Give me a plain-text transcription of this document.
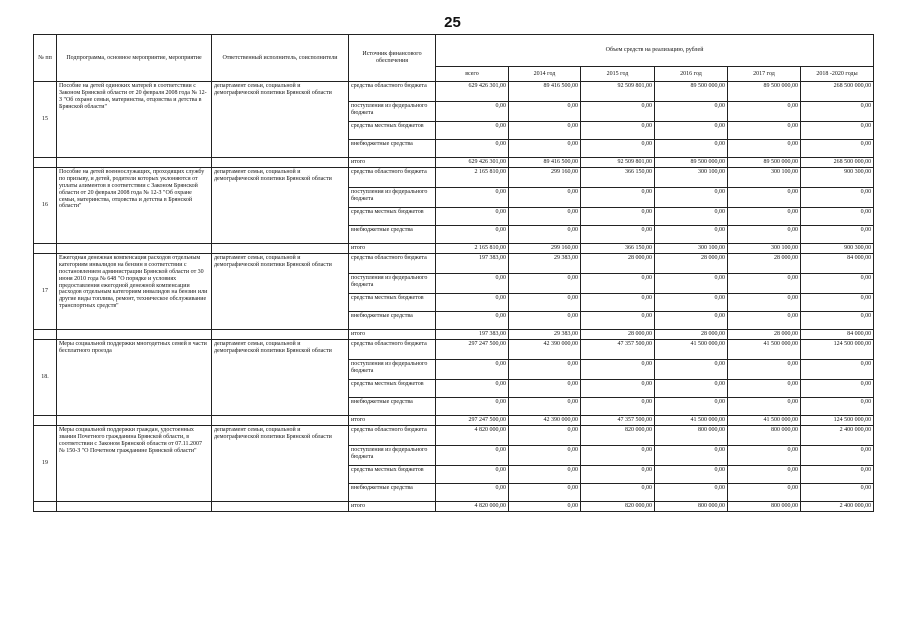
25
№ пп	Подпрограмма, основное мероприятие, мероприятие	Ответственный исполнитель, соисполнители	Источник финансового обеспечения	Объем средств на реализацию, рублей					
				всего	2014 год	2015 год	2016 год	2017 год	2018 -2020 годы
15	Пособие на детей одиноких матерей в соответствии с Законом Брянской области от 20 февраля 2008 года № 12-З "Об охране семьи, материнства, отцовства и детства в Брянской области"	департамент семьи, социальной и демографической политики Брянской области	средства областного бюджета	629 426 301,00	89 416 500,00	92 509 801,00	89 500 000,00	89 500 000,00	268 500 000,00
			поступления из федерального бюджета	0,00	0,00	0,00	0,00	0,00	0,00
			средства местных бюджетов	0,00	0,00	0,00	0,00	0,00	0,00
			внебюджетные средства	0,00	0,00	0,00	0,00	0,00	0,00
			итого	629 426 301,00	89 416 500,00	92 509 801,00	89 500 000,00	89 500 000,00	268 500 000,00
16	Пособие на детей военнослужащих, проходящих службу по призыву, и детей, родители которых уклоняются от уплаты алиментов в соответствии с Законом Брянской области от 20 февраля 2008 года № 12-З "Об охране семьи, материнства, отцовства и детства в Брянской области"	департамент семьи, социальной и демографической политики Брянской области	средства областного бюджета	2 165 810,00	299 160,00	366 150,00	300 100,00	300 100,00	900 300,00
			поступления из федерального бюджета	0,00	0,00	0,00	0,00	0,00	0,00
			средства местных бюджетов	0,00	0,00	0,00	0,00	0,00	0,00
			внебюджетные средства	0,00	0,00	0,00	0,00	0,00	0,00
			итого	2 165 810,00	299 160,00	366 150,00	300 100,00	300 100,00	900 300,00
17	Ежегодная денежная компенсация расходов отдельным категориям инвалидов на бензин в соответствии с постановлением администрации Брянской области от 30 июня 2010 года № 648 "О порядке и условиях предоставления ежегодной денежной компенсации расходов отдельным категориям инвалидов на бензин или другие виды топлива, ремонт, техническое обслуживание транспортных средств"	департамент семьи, социальной и демографической политики Брянской области	средства областного бюджета	197 383,00	29 383,00	28 000,00	28 000,00	28 000,00	84 000,00
			поступления из федерального бюджета	0,00	0,00	0,00	0,00	0,00	0,00
			средства местных бюджетов	0,00	0,00	0,00	0,00	0,00	0,00
			внебюджетные средства	0,00	0,00	0,00	0,00	0,00	0,00
			итого	197 383,00	29 383,00	28 000,00	28 000,00	28 000,00	84 000,00
18.	Меры социальной поддержки многодетных семей в части бесплатного проезда	департамент семьи, социальной и демографической политики Брянской области	средства областного бюджета	297 247 500,00	42 390 000,00	47 357 500,00	41 500 000,00	41 500 000,00	124 500 000,00
			поступления из федерального бюджета	0,00	0,00	0,00	0,00	0,00	0,00
			средства местных бюджетов	0,00	0,00	0,00	0,00	0,00	0,00
			внебюджетные средства	0,00	0,00	0,00	0,00	0,00	0,00
			итого	297 247 500,00	42 390 000,00	47 357 500,00	41 500 000,00	41 500 000,00	124 500 000,00
19	Меры социальной поддержки граждан, удостоенных звания Почетного гражданина Брянской области, в соответствии с Законом Брянской области от 07.11.2007 № 150-З "О Почетном гражданине Брянской области"	департамент семьи, социальной и демографической политики Брянской области	средства областного бюджета	4 820 000,00	0,00	820 000,00	800 000,00	800 000,00	2 400 000,00
			поступления из федерального бюджета	0,00	0,00	0,00	0,00	0,00	0,00
			средства местных бюджетов	0,00	0,00	0,00	0,00	0,00	0,00
			внебюджетные средства	0,00	0,00	0,00	0,00	0,00	0,00
			итого	4 820 000,00	0,00	820 000,00	800 000,00	800 000,00	2 400 000,00
